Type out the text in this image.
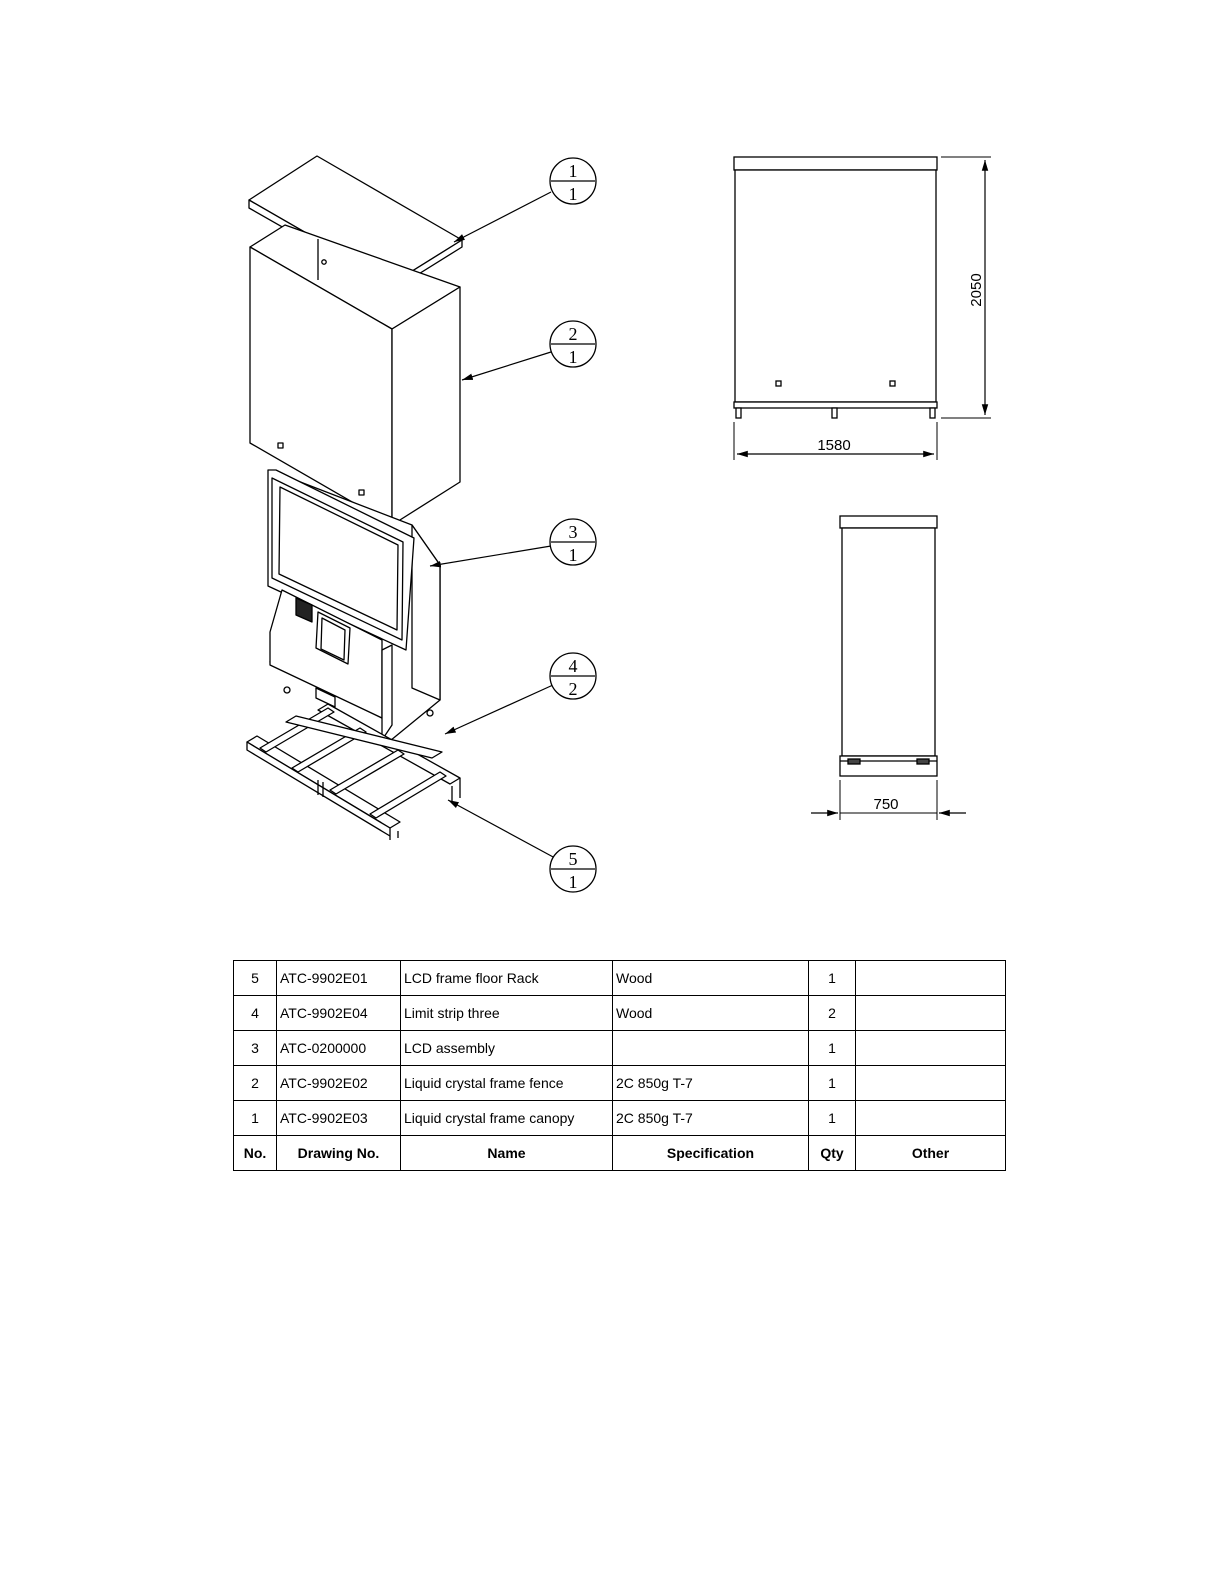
1
1
2
1
3
1
4
2
5
1
2050
1580
750
5	ATC-9902E01	LCD frame floor Rack	Wood	1	
4	ATC-9902E04	Limit strip three	Wood	2	
3	ATC-0200000	LCD assembly		1	
2	ATC-9902E02	Liquid crystal frame fence	2C 850g T-7	1	
1	ATC-9902E03	Liquid crystal frame canopy	2C 850g T-7	1	
No.	Drawing No.	Name	Specification	Qty	Other
